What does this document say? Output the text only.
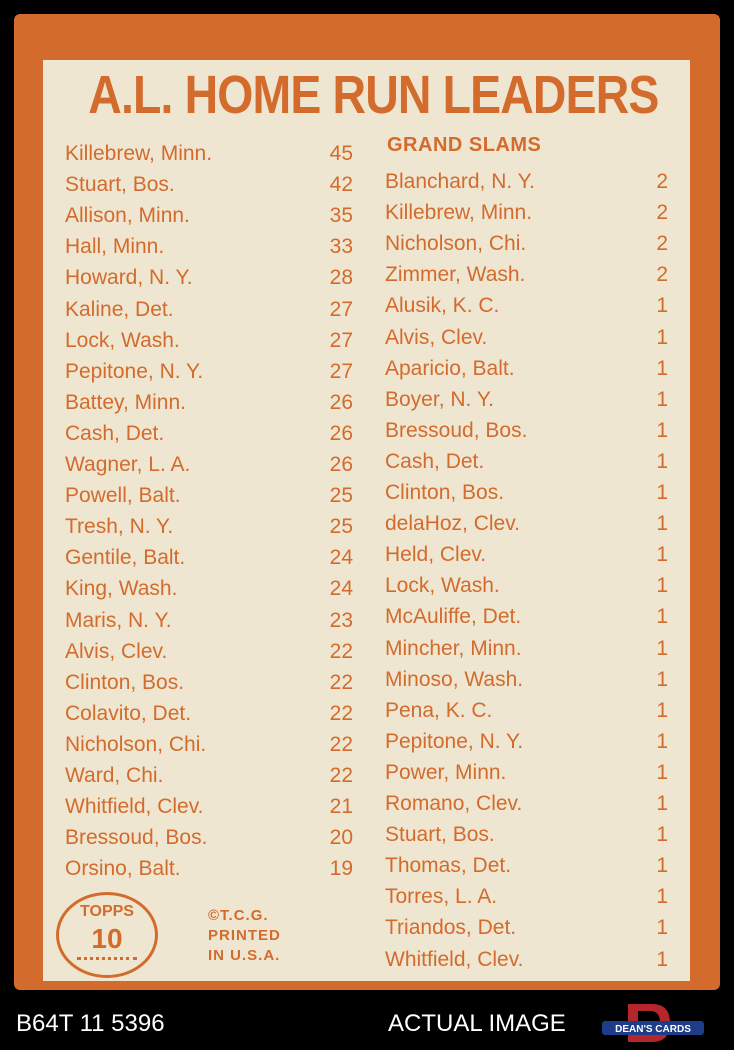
A.L. HOME RUN LEADERS
Killebrew, Minn.	45
Stuart, Bos.	42
Allison, Minn.	35
Hall, Minn.	33
Howard, N. Y.	28
Kaline, Det.	27
Lock, Wash.	27
Pepitone, N. Y.	27
Battey, Minn.	26
Cash, Det.	26
Wagner, L. A.	26
Powell, Balt.	25
Tresh, N. Y.	25
Gentile, Balt.	24
King, Wash.	24
Maris, N. Y.	23
Alvis, Clev.	22
Clinton, Bos.	22
Colavito, Det.	22
Nicholson, Chi.	22
Ward, Chi.	22
Whitfield, Clev.	21
Bressoud, Bos.	20
Orsino, Balt.	19
GRAND SLAMS
Blanchard, N. Y.	2
Killebrew, Minn.	2
Nicholson, Chi.	2
Zimmer, Wash.	2
Alusik, K. C.	1
Alvis, Clev.	1
Aparicio, Balt.	1
Boyer, N. Y.	1
Bressoud, Bos.	1
Cash, Det.	1
Clinton, Bos.	1
delaHoz, Clev.	1
Held, Clev.	1
Lock, Wash.	1
McAuliffe, Det.	1
Mincher, Minn.	1
Minoso, Wash.	1
Pena, K. C.	1
Pepitone, N. Y.	1
Power, Minn.	1
Romano, Clev.	1
Stuart, Bos.	1
Thomas, Det.	1
Torres, L. A.	1
Triandos, Det.	1
Whitfield, Clev.	1
TOPPS
10
©T.C.G.
PRINTED
IN U.S.A.
B64T 11 5396	ACTUAL IMAGE	DEAN'S CARDS
